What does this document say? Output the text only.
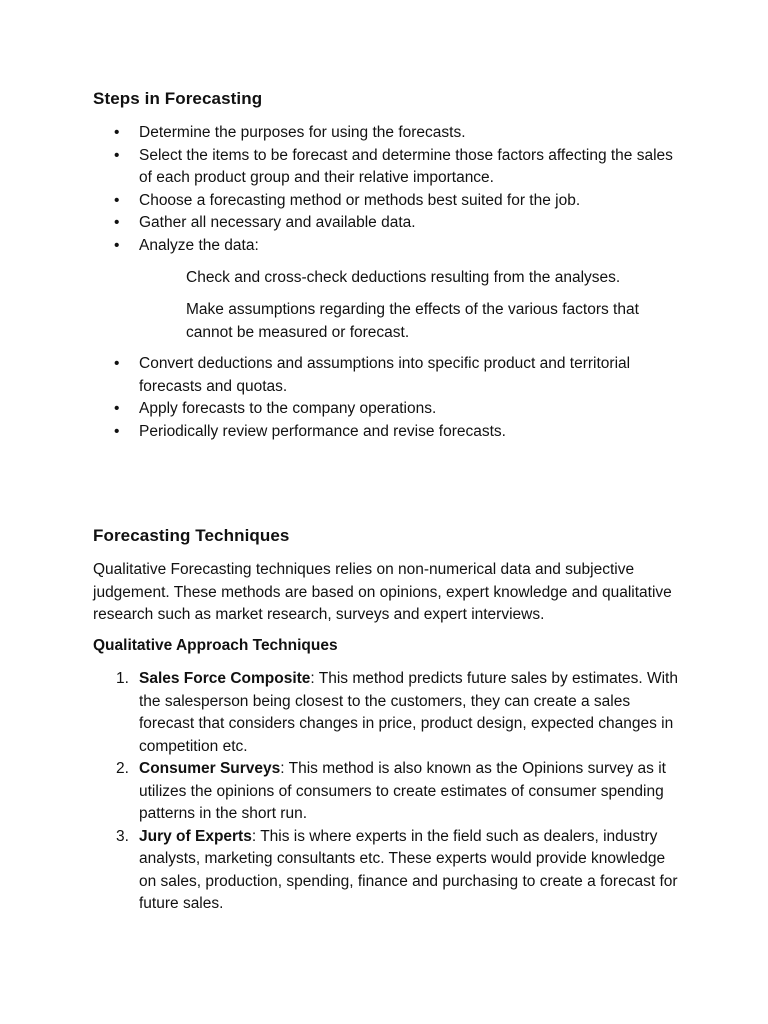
Steps in Forecasting
• Determine the purposes for using the forecasts.
• Select the items to be forecast and determine those factors affecting the sales of each product group and their relative importance.
• Choose a forecasting method or methods best suited for the job.
• Gather all necessary and available data.
• Analyze the data:
Check and cross-check deductions resulting from the analyses.
Make assumptions regarding the effects of the various factors that cannot be measured or forecast.
• Convert deductions and assumptions into specific product and territorial forecasts and quotas.
• Apply forecasts to the company operations.
• Periodically review performance and revise forecasts.
Forecasting Techniques
Qualitative Forecasting techniques relies on non-numerical data and subjective judgement. These methods are based on opinions, expert knowledge and qualitative research such as market research, surveys and expert interviews.
Qualitative Approach Techniques
1. Sales Force Composite: This method predicts future sales by estimates. With the salesperson being closest to the customers, they can create a sales forecast that considers changes in price, product design, expected changes in competition etc.
2. Consumer Surveys: This method is also known as the Opinions survey as it utilizes the opinions of consumers to create estimates of consumer spending patterns in the short run.
3. Jury of Experts: This is where experts in the field such as dealers, industry analysts, marketing consultants etc. These experts would provide knowledge on sales, production, spending, finance and purchasing to create a forecast for future sales.
